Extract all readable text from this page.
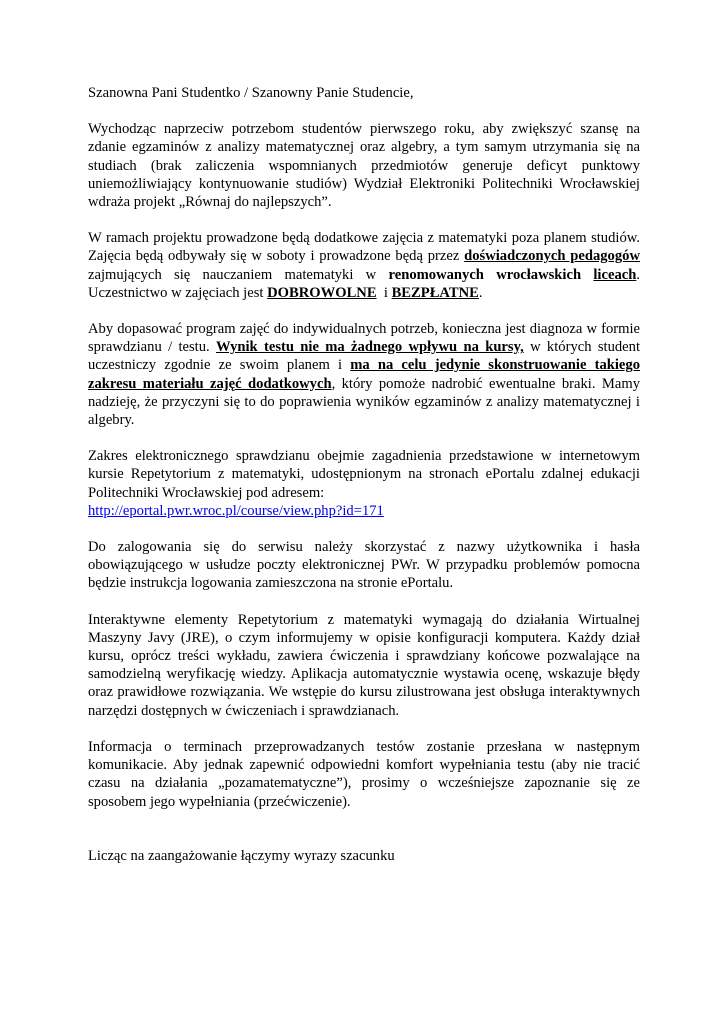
Szanowna Pani Studentko / Szanowny Panie Studencie,

Wychodząc naprzeciw potrzebom studentów pierwszego roku, aby zwiększyć szansę na zdanie egzaminów z analizy matematycznej oraz algebry, a tym samym utrzymania się na studiach (brak zaliczenia wspomnianych przedmiotów generuje deficyt punktowy uniemożliwiający kontynuowanie studiów) Wydział Elektroniki Politechniki Wrocławskiej wdraża projekt „Równaj do najlepszych”.

W ramach projektu prowadzone będą dodatkowe zajęcia z matematyki poza planem studiów. Zajęcia będą odbywały się w soboty i prowadzone będą przez doświadczonych pedagogów zajmujących się nauczaniem matematyki w renomowanych wrocławskich liceach. Uczestnictwo w zajęciach jest DOBROWOLNE  i BEZPŁATNE.

Aby dopasować program zajęć do indywidualnych potrzeb, konieczna jest diagnoza w formie sprawdzianu / testu. Wynik testu nie ma żadnego wpływu na kursy, w których student uczestniczy zgodnie ze swoim planem i ma na celu jedynie skonstruowanie takiego zakresu materiału zajęć dodatkowych, który pomoże nadrobić ewentualne braki. Mamy nadzieję, że przyczyni się to do poprawienia wyników egzaminów z analizy matematycznej i algebry.

Zakres elektronicznego sprawdzianu obejmie zagadnienia przedstawione w internetowym kursie Repetytorium z matematyki, udostępnionym na stronach ePortalu zdalnej edukacji Politechniki Wrocławskiej pod adresem:
http://eportal.pwr.wroc.pl/course/view.php?id=171

Do zalogowania się do serwisu należy skorzystać z nazwy użytkownika i hasła obowiązującego w usłudze poczty elektronicznej PWr. W przypadku problemów pomocna będzie instrukcja logowania zamieszczona na stronie ePortalu.

Interaktywne elementy Repetytorium z matematyki wymagają do działania Wirtualnej Maszyny Javy (JRE), o czym informujemy w opisie konfiguracji komputera. Każdy dział kursu, oprócz treści wykładu, zawiera ćwiczenia i sprawdziany końcowe pozwalające na samodzielną weryfikację wiedzy. Aplikacja automatycznie wystawia ocenę, wskazuje błędy oraz prawidłowe rozwiązania. We wstępie do kursu zilustrowana jest obsługa interaktywnych narzędzi dostępnych w ćwiczeniach i sprawdzianach.

Informacja o terminach przeprowadzanych testów zostanie przesłana w następnym komunikacie. Aby jednak zapewnić odpowiedni komfort wypełniania testu (aby nie tracić czasu na działania „pozamatematyczne”), prosimy o wcześniejsze zapoznanie się ze sposobem jego wypełniania (przećwiczenie).

Licząc na zaangażowanie łączymy wyrazy szacunku
